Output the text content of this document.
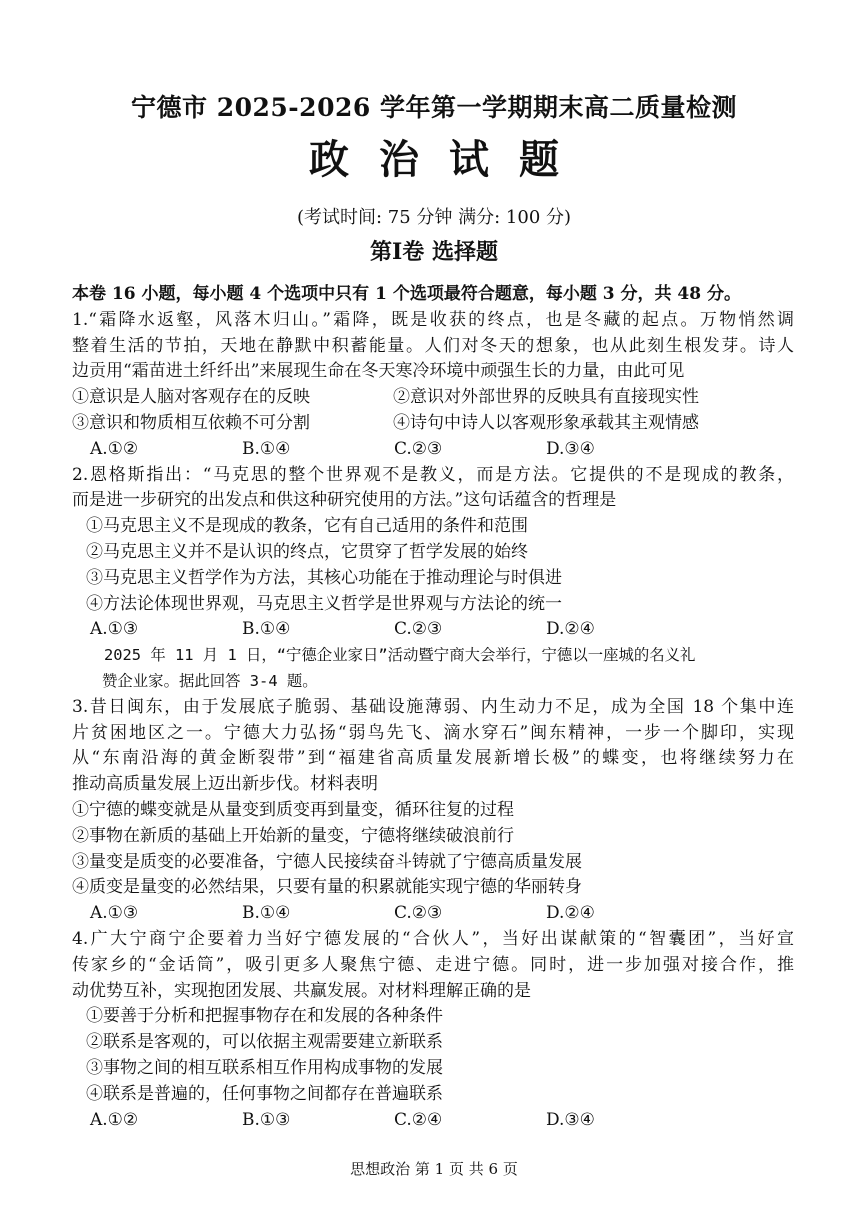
宁德市 2025-2026 学年第一学期期末高二质量检测
政治试题
(考试时间: 75 分钟 满分: 100 分)
第Ⅰ卷 选择题
本卷 16 小题，每小题 4 个选项中只有 1 个选项最符合题意，每小题 3 分，共 48 分。
1.“霜降水返壑，风落木归山。”霜降，既是收获的终点，也是冬藏的起点。万物悄然调
整着生活的节拍，天地在静默中积蓄能量。人们对冬天的想象，也从此刻生根发芽。诗人
边贡用“霜苗进土纤纤出”来展现生命在冬天寒冷环境中顽强生长的力量，由此可见
①意识是人脑对客观存在的反映	②意识对外部世界的反映具有直接现实性
③意识和物质相互依赖不可分割	④诗句中诗人以客观形象承载其主观情感
A.①②	B.①④	C.②③	D.③④
2.恩格斯指出：“马克思的整个世界观不是教义，而是方法。它提供的不是现成的教条，
而是进一步研究的出发点和供这种研究使用的方法。”这句话蕴含的哲理是
①马克思主义不是现成的教条，它有自己适用的条件和范围
②马克思主义并不是认识的终点，它贯穿了哲学发展的始终
③马克思主义哲学作为方法，其核心功能在于推动理论与时俱进
④方法论体现世界观，马克思主义哲学是世界观与方法论的统一
A.①③	B.①④	C.②③	D.②④
2025 年 11 月 1 日，“宁德企业家日”活动暨宁商大会举行，宁德以一座城的名义礼
赞企业家。据此回答 3-4 题。
3.昔日闽东，由于发展底子脆弱、基础设施薄弱、内生动力不足，成为全国 18 个集中连
片贫困地区之一。宁德大力弘扬“弱鸟先飞、滴水穿石”闽东精神，一步一个脚印，实现
从“东南沿海的黄金断裂带”到“福建省高质量发展新增长极”的蝶变，也将继续努力在
推动高质量发展上迈出新步伐。材料表明
①宁德的蝶变就是从量变到质变再到量变，循环往复的过程
②事物在新质的基础上开始新的量变，宁德将继续破浪前行
③量变是质变的必要准备，宁德人民接续奋斗铸就了宁德高质量发展
④质变是量变的必然结果，只要有量的积累就能实现宁德的华丽转身
A.①③	B.①④	C.②③	D.②④
4.广大宁商宁企要着力当好宁德发展的“合伙人”，当好出谋献策的“智囊团”，当好宣
传家乡的“金话筒”，吸引更多人聚焦宁德、走进宁德。同时，进一步加强对接合作，推
动优势互补，实现抱团发展、共赢发展。对材料理解正确的是
①要善于分析和把握事物存在和发展的各种条件
②联系是客观的，可以依据主观需要建立新联系
③事物之间的相互联系相互作用构成事物的发展
④联系是普遍的，任何事物之间都存在普遍联系
A.①②	B.①③	C.②④	D.③④
思想政治 第 1 页 共 6 页
